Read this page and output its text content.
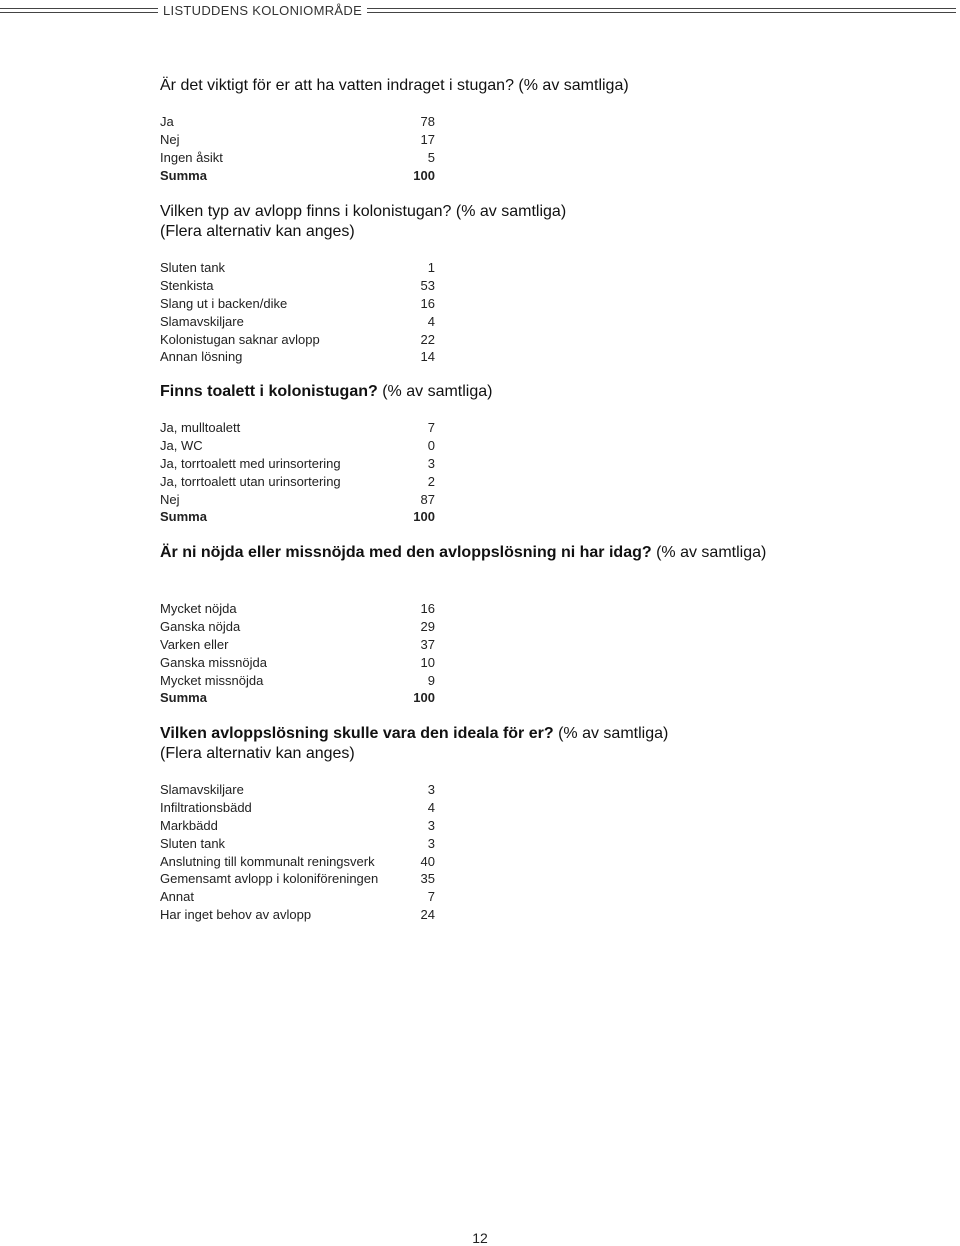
LISTUDDENS KOLONIOMRÅDE
Är det viktigt för er att ha vatten indraget i stugan? (% av samtliga)
Ja	78
Nej	17
Ingen åsikt	5
Summa	100
Vilken typ av avlopp finns i kolonistugan? (% av samtliga)
(Flera alternativ kan anges)
Sluten tank	1
Stenkista	53
Slang ut i backen/dike	16
Slamavskiljare	4
Kolonistugan saknar avlopp	22
Annan lösning	14
Finns toalett i kolonistugan? (% av samtliga)
Ja, mulltoalett	7
Ja, WC	0
Ja, torrtoalett med urinsortering	3
Ja, torrtoalett utan urinsortering	2
Nej	87
Summa	100
Är ni nöjda eller missnöjda med den avloppslösning ni har idag? (% av samtliga)
Mycket nöjda	16
Ganska nöjda	29
Varken eller	37
Ganska missnöjda	10
Mycket missnöjda	9
Summa	100
Vilken avloppslösning skulle vara den ideala för er? (% av samtliga)
(Flera alternativ kan anges)
Slamavskiljare	3
Infiltrationsbädd	4
Markbädd	3
Sluten tank	3
Anslutning till kommunalt reningsverk	40
Gemensamt avlopp i koloniföreningen	35
Annat	7
Har inget behov av avlopp	24
12
